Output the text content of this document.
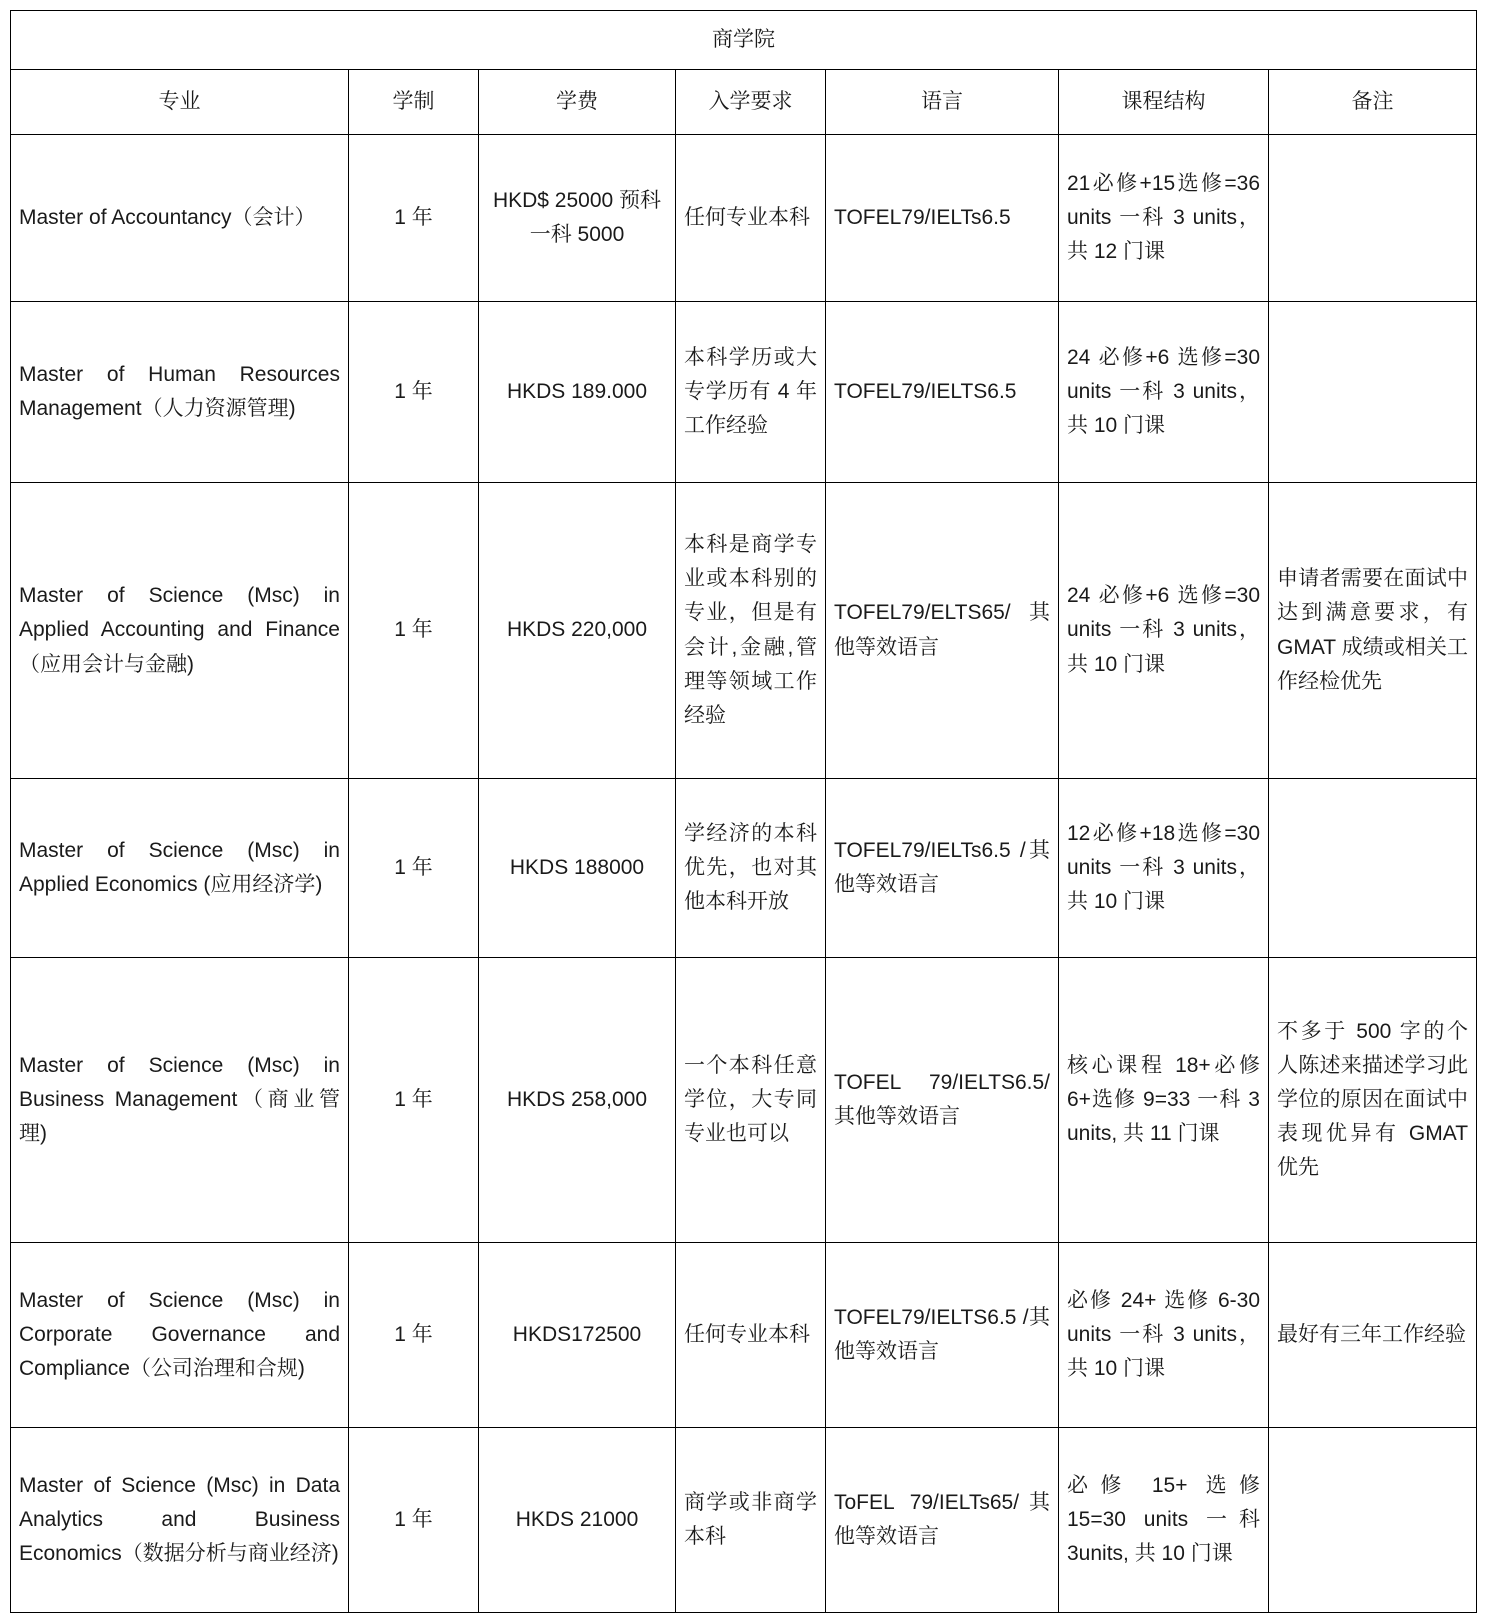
商学院						
专业	学制	学费	入学要求	语言	课程结构	备注
Master of Accountancy（会计）	1 年	HKD$ 25000 预科一科 5000	任何专业本科	TOFEL79/IELTs6.5	21必修+15选修=36 units 一科 3 units，共 12 门课	
Master of Human Resources Management（人力资源管理)	1 年	HKDS 189.000	本科学历或大专学历有 4 年工作经验	TOFEL79/IELTS6.5	24 必修+6 选修=30 units 一科 3 units，共 10 门课	
Master of Science (Msc) in Applied Accounting and Finance （应用会计与金融)	1 年	HKDS 220,000	本科是商学专业或本科别的专业，但是有会计,金融,管理等领域工作经验	TOFEL79/ELTS65/其他等效语言	24 必修+6 选修=30 units 一科 3 units，共 10 门课	申请者需要在面试中达到满意要求，有 GMAT 成绩或相关工作经检优先
Master of Science (Msc) in Applied Economics (应用经济学)	1 年	HKDS 188000	学经济的本科优先，也对其他本科开放	TOFEL79/IELTs6.5 /其他等效语言	12必修+18选修=30 units 一科 3 units，共 10 门课	
Master of Science (Msc) in Business Management（商业管理)	1 年	HKDS 258,000	一个本科任意学位，大专同专业也可以	TOFEL 79/IELTS6.5/ 其他等效语言	核心课程 18+必修 6+选修 9=33 一科 3 units, 共 11 门课	不多于 500 字的个人陈述来描述学习此学位的原因在面试中表现优异有 GMAT 优先
Master of Science (Msc) in Corporate Governance and Compliance（公司治理和合规)	1 年	HKDS172500	任何专业本科	TOFEL79/IELTS6.5 /其他等效语言	必修 24+ 选修 6-30 units 一科 3 units，共 10 门课	最好有三年工作经验
Master of Science (Msc) in Data Analytics and Business Economics（数据分析与商业经济)	1 年	HKDS 21000	商学或非商学本科	ToFEL 79/IELTs65/其他等效语言	必修 15+ 选修 15=30 units 一科 3units, 共 10 门课	
